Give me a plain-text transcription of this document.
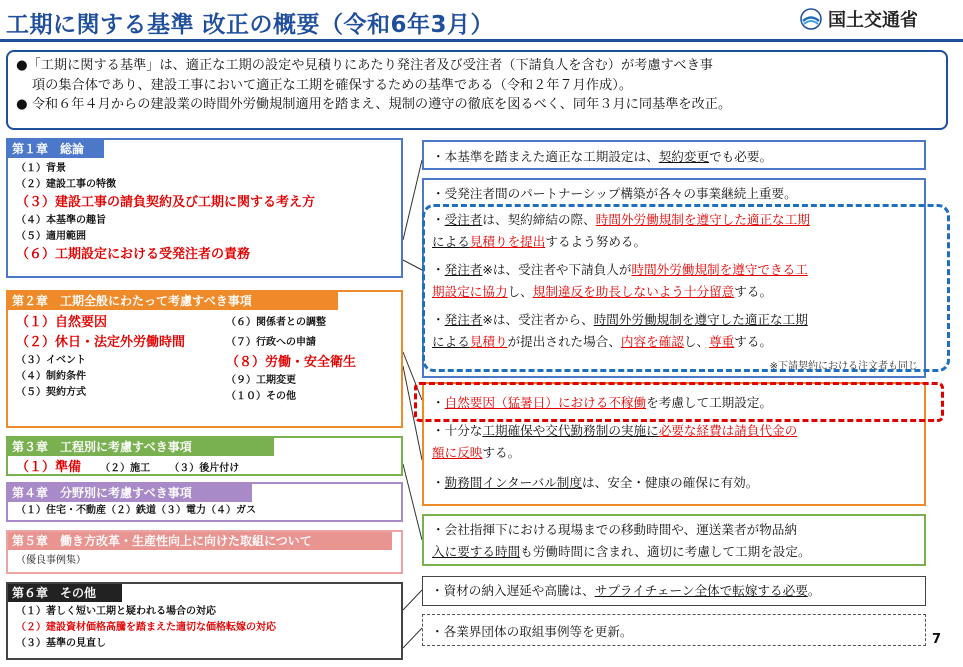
工期に関する基準 改正の概要（令和6年3月）	国土交通省

●「工期に関する基準」は、適正な工期の設定や見積りにあたり発注者及び受注者（下請負人を含む）が考慮すべき事

項の集合体であり、建設工事において適正な工期を確保するための基準である（令和２年７月作成）。

● 令和６年４月からの建設業の時間外労働規制適用を踏まえ、規制の遵守の徹底を図るべく、同年３月に同基準を改正。

第１章　総論
（１）背景
（２）建設工事の特徴
（３）建設工事の請負契約及び工期に関する考え方
（４）本基準の趣旨
（５）適用範囲
（６）工期設定における受発注者の責務
第２章　工期全般にわたって考慮すべき事項
（１）自然要因
（２）休日・法定外労働時間
（３）イベント
（４）制約条件
（５）契約方式
（６）関係者との調整
（７）行政への申請
（８）労働・安全衛生
（９）工期変更
（１０）その他
第３章　工程別に考慮すべき事項
（１）準備 （２）施工 （３）後片付け
第４章　分野別に考慮すべき事項
（１）住宅・不動産（２）鉄道（３）電力（４）ガス
第５章　働き方改革・生産性向上に向けた取組について
（優良事例集）
第６章　その他
（１）著しく短い工期と疑われる場合の対応
（２）建設資材価格高騰を踏まえた適切な価格転嫁の対応
（３）基準の見直し

・本基準を踏まえた適正な工期設定は、契約変更でも必要。

・受発注者間のパートナーシップ構築が各々の事業継続上重要。

・受注者は、契約締結の際、時間外労働規制を遵守した適正な工期

による見積りを提出するよう努める。

・発注者※は、受注者や下請負人が時間外労働規制を遵守できる工

期設定に協力し、規制違反を助長しないよう十分留意する。

・発注者※は、受注者から、時間外労働規制を遵守した適正な工期

による見積りが提出された場合、内容を確認し、尊重する。

※下請契約における注文者も同じ

・自然要因（猛暑日）における不稼働を考慮して工期設定。

・十分な工期確保や交代勤務制の実施に必要な経費は請負代金の

額に反映する。

・勤務間インターバル制度は、安全・健康の確保に有効。

・会社指揮下における現場までの移動時間や、運送業者が物品納

入に要する時間も労働時間に含まれ、適切に考慮して工期を設定。

・資材の納入遅延や高騰は、サプライチェーン全体で転嫁する必要。

・各業界団体の取組事例等を更新。

7
